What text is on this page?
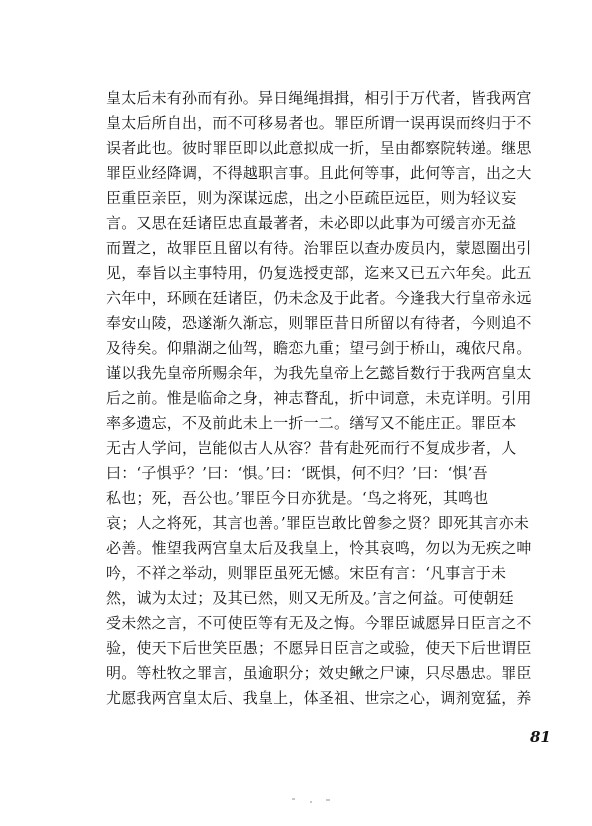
皇太后未有孙而有孙。异日绳绳揖揖，相引于万代者，皆我两宫
皇太后所自出，而不可移易者也。罪臣所谓一误再误而终归于不
误者此也。彼时罪臣即以此意拟成一折，呈由都察院转递。继思
罪臣业经降调，不得越职言事。且此何等事，此何等言，出之大
臣重臣亲臣，则为深谋远虑，出之小臣疏臣远臣，则为轻议妄
言。又思在廷诸臣忠直最著者，未必即以此事为可缓言亦无益
而置之，故罪臣且留以有待。治罪臣以查办废员内，蒙恩圈出引
见，奉旨以主事特用，仍复选授吏部，迄来又已五六年矣。此五
六年中，环顾在廷诸臣，仍未念及于此者。今逢我大行皇帝永远
奉安山陵，恐遂渐久渐忘，则罪臣昔日所留以有待者，今则追不
及待矣。仰鼎湖之仙驾，瞻恋九重；望弓剑于桥山，魂依尺帛。
谨以我先皇帝所赐余年，为我先皇帝上乞懿旨数行于我两宫皇太
后之前。惟是临命之身，神志瞀乱，折中词意，未克详明。引用
率多遗忘，不及前此未上一折一二。缮写又不能庄正。罪臣本
无古人学问，岂能似古人从容？昔有赴死而行不复成步者，人
曰：‘子惧乎？’曰：‘惧。’曰：‘既惧，何不归？’曰：‘惧’吾
私也；死，吾公也。’罪臣今日亦犹是。‘鸟之将死，其鸣也
哀；人之将死，其言也善。’罪臣岂敢比曾参之贤？即死其言亦未
必善。惟望我两宫皇太后及我皇上，怜其哀鸣，勿以为无疾之呻
吟，不祥之举动，则罪臣虽死无憾。宋臣有言：‘凡事言于未
然，诚为太过；及其已然，则又无所及。’言之何益。可使朝廷
受未然之言，不可使臣等有无及之悔。今罪臣诚愿异日臣言之不
验，使天下后世笑臣愚；不愿异日臣言之或验，使天下后世谓臣
明。等杜牧之罪言，虽逾职分；效史鳅之尸谏，只尽愚忠。罪臣
尤愿我两宫皇太后、我皇上，体圣祖、世宗之心，调剂宽猛，养
81
